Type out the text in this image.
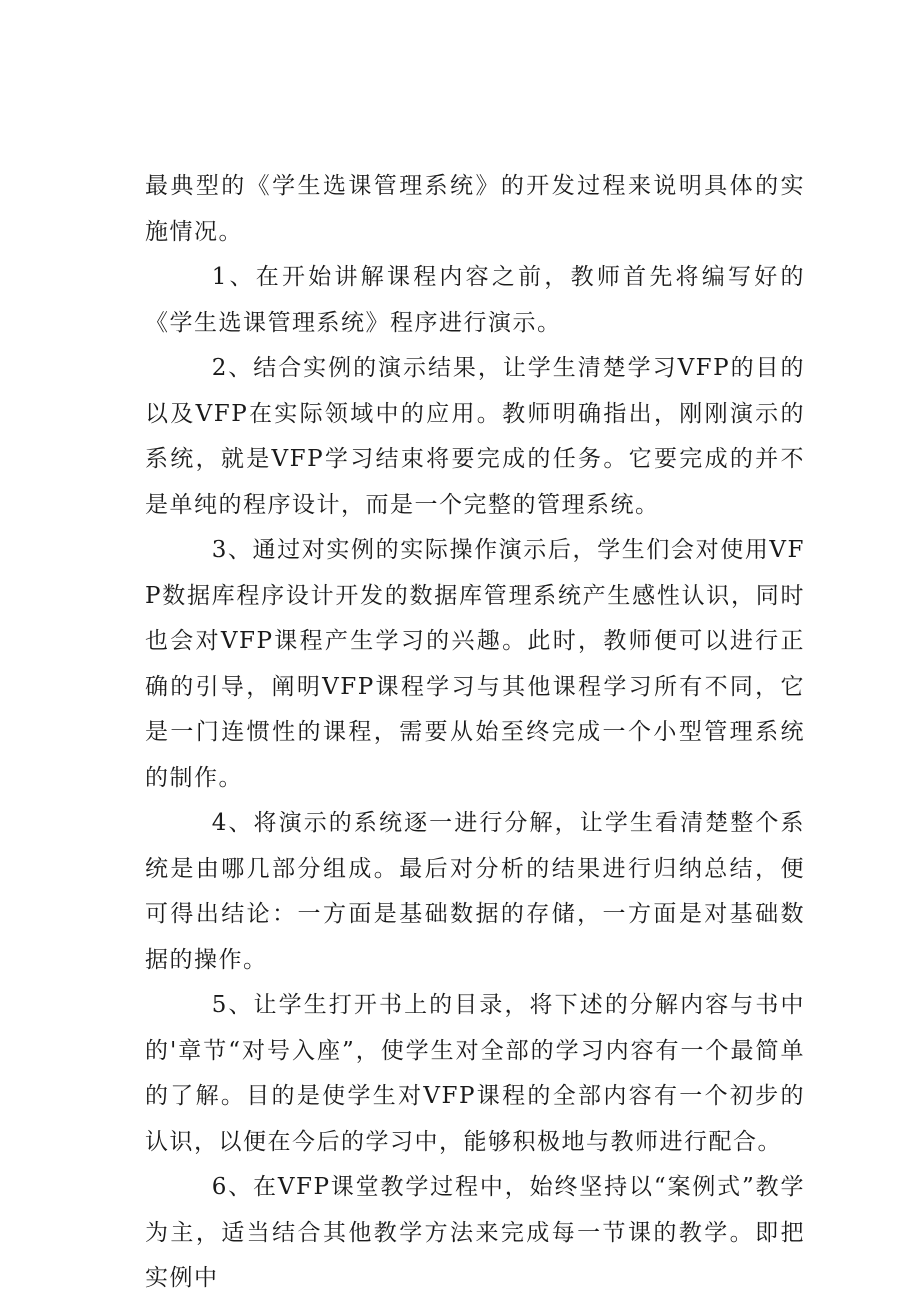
最典型的《学生选课管理系统》的开发过程来说明具体的实施情况。

1、在开始讲解课程内容之前，教师首先将编写好的《学生选课管理系统》程序进行演示。

2、结合实例的演示结果，让学生清楚学习VFP的目的以及VFP在实际领域中的应用。教师明确指出，刚刚演示的系统，就是VFP学习结束将要完成的任务。它要完成的并不是单纯的程序设计，而是一个完整的管理系统。

3、通过对实例的实际操作演示后，学生们会对使用VFP数据库程序设计开发的数据库管理系统产生感性认识，同时也会对VFP课程产生学习的兴趣。此时，教师便可以进行正确的引导，阐明VFP课程学习与其他课程学习所有不同，它是一门连惯性的课程，需要从始至终完成一个小型管理系统的制作。

4、将演示的系统逐一进行分解，让学生看清楚整个系统是由哪几部分组成。最后对分析的结果进行归纳总结，便可得出结论：一方面是基础数据的存储，一方面是对基础数据的操作。

5、让学生打开书上的目录，将下述的分解内容与书中的'章节“对号入座”，使学生对全部的学习内容有一个最简单的了解。目的是使学生对VFP课程的全部内容有一个初步的认识，以便在今后的学习中，能够积极地与教师进行配合。

6、在VFP课堂教学过程中，始终坚持以“案例式”教学为主，适当结合其他教学方法来完成每一节课的教学。即把实例中
